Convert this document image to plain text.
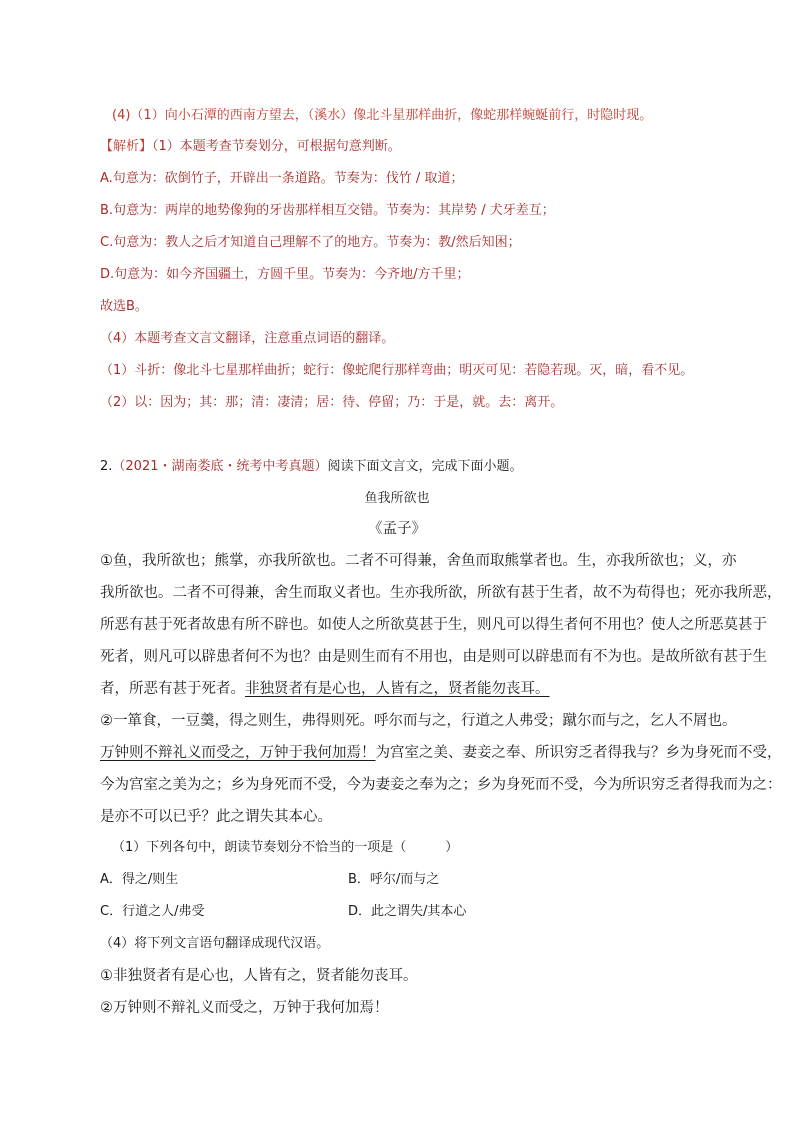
(4)（1）向小石潭的西南方望去，（溪水）像北斗星那样曲折，像蛇那样蜿蜒前行，时隐时现。
【解析】（1）本题考查节奏划分，可根据句意判断。
A.句意为：砍倒竹子，开辟出一条道路。节奏为：伐竹 / 取道；
B.句意为：两岸的地势像狗的牙齿那样相互交错。节奏为：其岸势 / 犬牙差互；
C.句意为：教人之后才知道自己理解不了的地方。节奏为：教/然后知困；
D.句意为：如今齐国疆土，方圆千里。节奏为：今齐地/方千里；
故选B。
（4）本题考查文言文翻译，注意重点词语的翻译。
（1）斗折：像北斗七星那样曲折；蛇行：像蛇爬行那样弯曲；明灭可见：若隐若现。灭，暗，看不见。
（2）以：因为；其：那；清：凄清；居：待、停留；乃：于是，就。去：离开。
2.（2021・湖南娄底・统考中考真题）阅读下面文言文，完成下面小题。
鱼我所欲也
《孟子》
①鱼，我所欲也；熊掌，亦我所欲也。二者不可得兼，舍鱼而取熊掌者也。生，亦我所欲也；义，亦
我所欲也。二者不可得兼，舍生而取义者也。生亦我所欲，所欲有甚于生者，故不为苟得也；死亦我所恶，
所恶有甚于死者故患有所不辟也。如使人之所欲莫甚于生，则凡可以得生者何不用也？使人之所恶莫甚于
死者，则凡可以辟患者何不为也？由是则生而有不用也，由是则可以辟患而有不为也。是故所欲有甚于生
者，所恶有甚于死者。非独贤者有是心也，人皆有之，贤者能勿丧耳。
②一箪食，一豆羹，得之则生，弗得则死。呼尔而与之，行道之人弗受；蹴尔而与之，乞人不屑也。
万钟则不辩礼义而受之，万钟于我何加焉！为宫室之美、妻妾之奉、所识穷乏者得我与？乡为身死而不受，
今为宫室之美为之；乡为身死而不受，今为妻妾之奉为之；乡为身死而不受，今为所识穷乏者得我而为之：
是亦不可以已乎？此之谓失其本心。
（1）下列各句中，朗读节奏划分不恰当的一项是（　　　）
A．得之/则生	B．呼尔/而与之
C．行道之人/弗受	D．此之谓失/其本心
（4）将下列文言语句翻译成现代汉语。
①非独贤者有是心也，人皆有之，贤者能勿丧耳。
②万钟则不辩礼义而受之，万钟于我何加焉！
